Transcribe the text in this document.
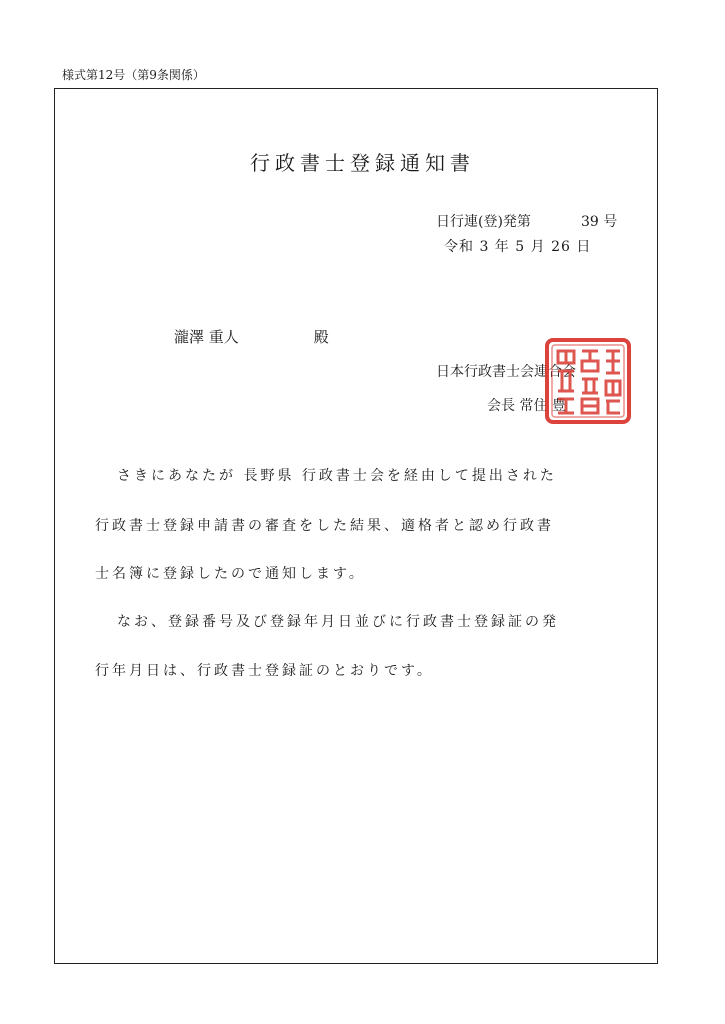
様式第12号（第9条関係）
行政書士登録通知書
日行連(登)発第	39 号
令和 3 年 5 月 26 日
瀧澤 重人	殿
日本行政書士会連合会
会長 常住 豊
さきにあなたが 長野県 行政書士会を経由して提出された
行政書士登録申請書の審査をした結果、適格者と認め行政書
士名簿に登録したので通知します。
なお、登録番号及び登録年月日並びに行政書士登録証の発
行年月日は、行政書士登録証のとおりです。
